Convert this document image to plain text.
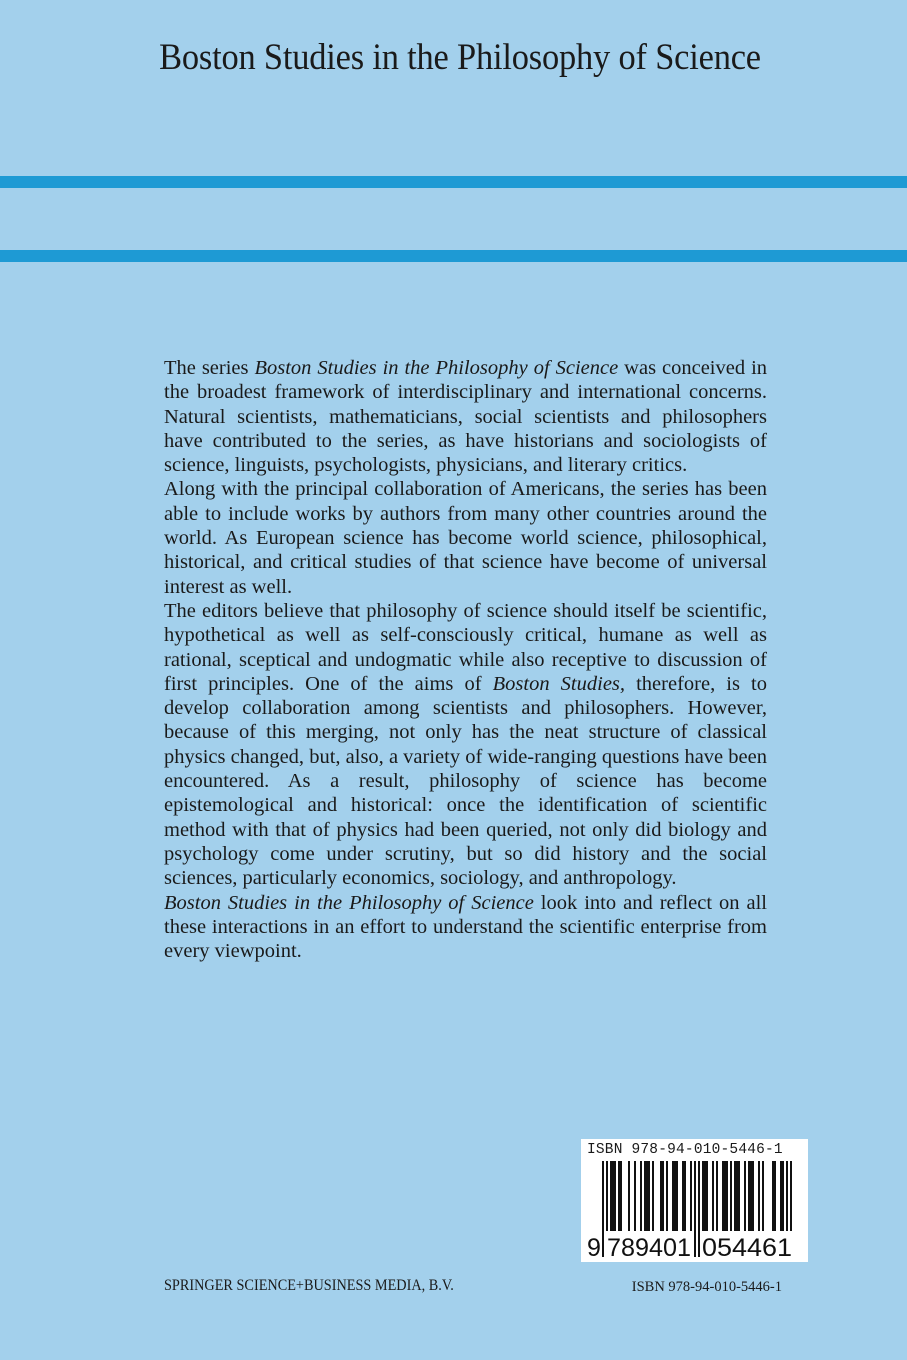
Boston Studies in the Philosophy of Science

The series Boston Studies in the Philosophy of Science was conceived in the broadest framework of interdisciplinary and international concerns. Natural scientists, mathematicians, social scientists and philosophers have contributed to the series, as have historians and sociologists of science, linguists, psychologists, physicians, and literary critics.

Along with the principal collaboration of Americans, the series has been able to include works by authors from many other countries around the world. As European science has become world science, philosophical, historical, and critical studies of that science have become of universal interest as well.

The editors believe that philosophy of science should itself be scientific, hypothetical as well as self-consciously critical, humane as well as rational, sceptical and undogmatic while also receptive to discussion of first principles. One of the aims of Boston Studies, therefore, is to develop collaboration among scientists and philosophers. However, because of this merging, not only has the neat structure of classical physics changed, but, also, a variety of wide-ranging questions have been encountered. As a result, philosophy of science has become epistemological and historical: once the identification of scientific method with that of physics had been queried, not only did biology and psychology come under scrutiny, but so did history and the social sciences, particularly economics, sociology, and anthropology.

Boston Studies in the Philosophy of Science look into and reflect on all these interactions in an effort to understand the scientific enterprise from every viewpoint.

ISBN 978-94-010-5446-1
9 789401 054461
SPRINGER SCIENCE+BUSINESS MEDIA, B.V.	ISBN 978-94-010-5446-1
